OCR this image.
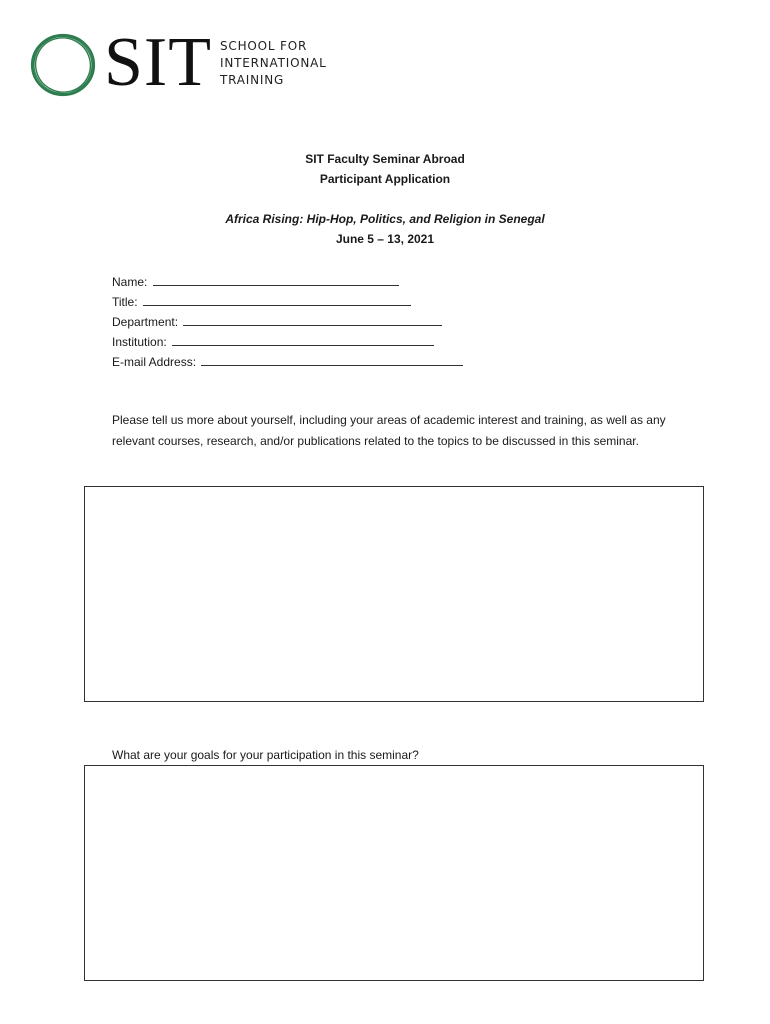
SIT SCHOOL FOR
INTERNATIONAL
TRAINING
SIT Faculty Seminar Abroad
Participant Application
Africa Rising: Hip-Hop, Politics, and Religion in Senegal
June 5 – 13, 2021
Name:
Title:
Department:
Institution:
E-mail Address:
Please tell us more about yourself, including your areas of academic interest and training, as well as any relevant courses, research, and/or publications related to the topics to be discussed in this seminar.
What are your goals for your participation in this seminar?
